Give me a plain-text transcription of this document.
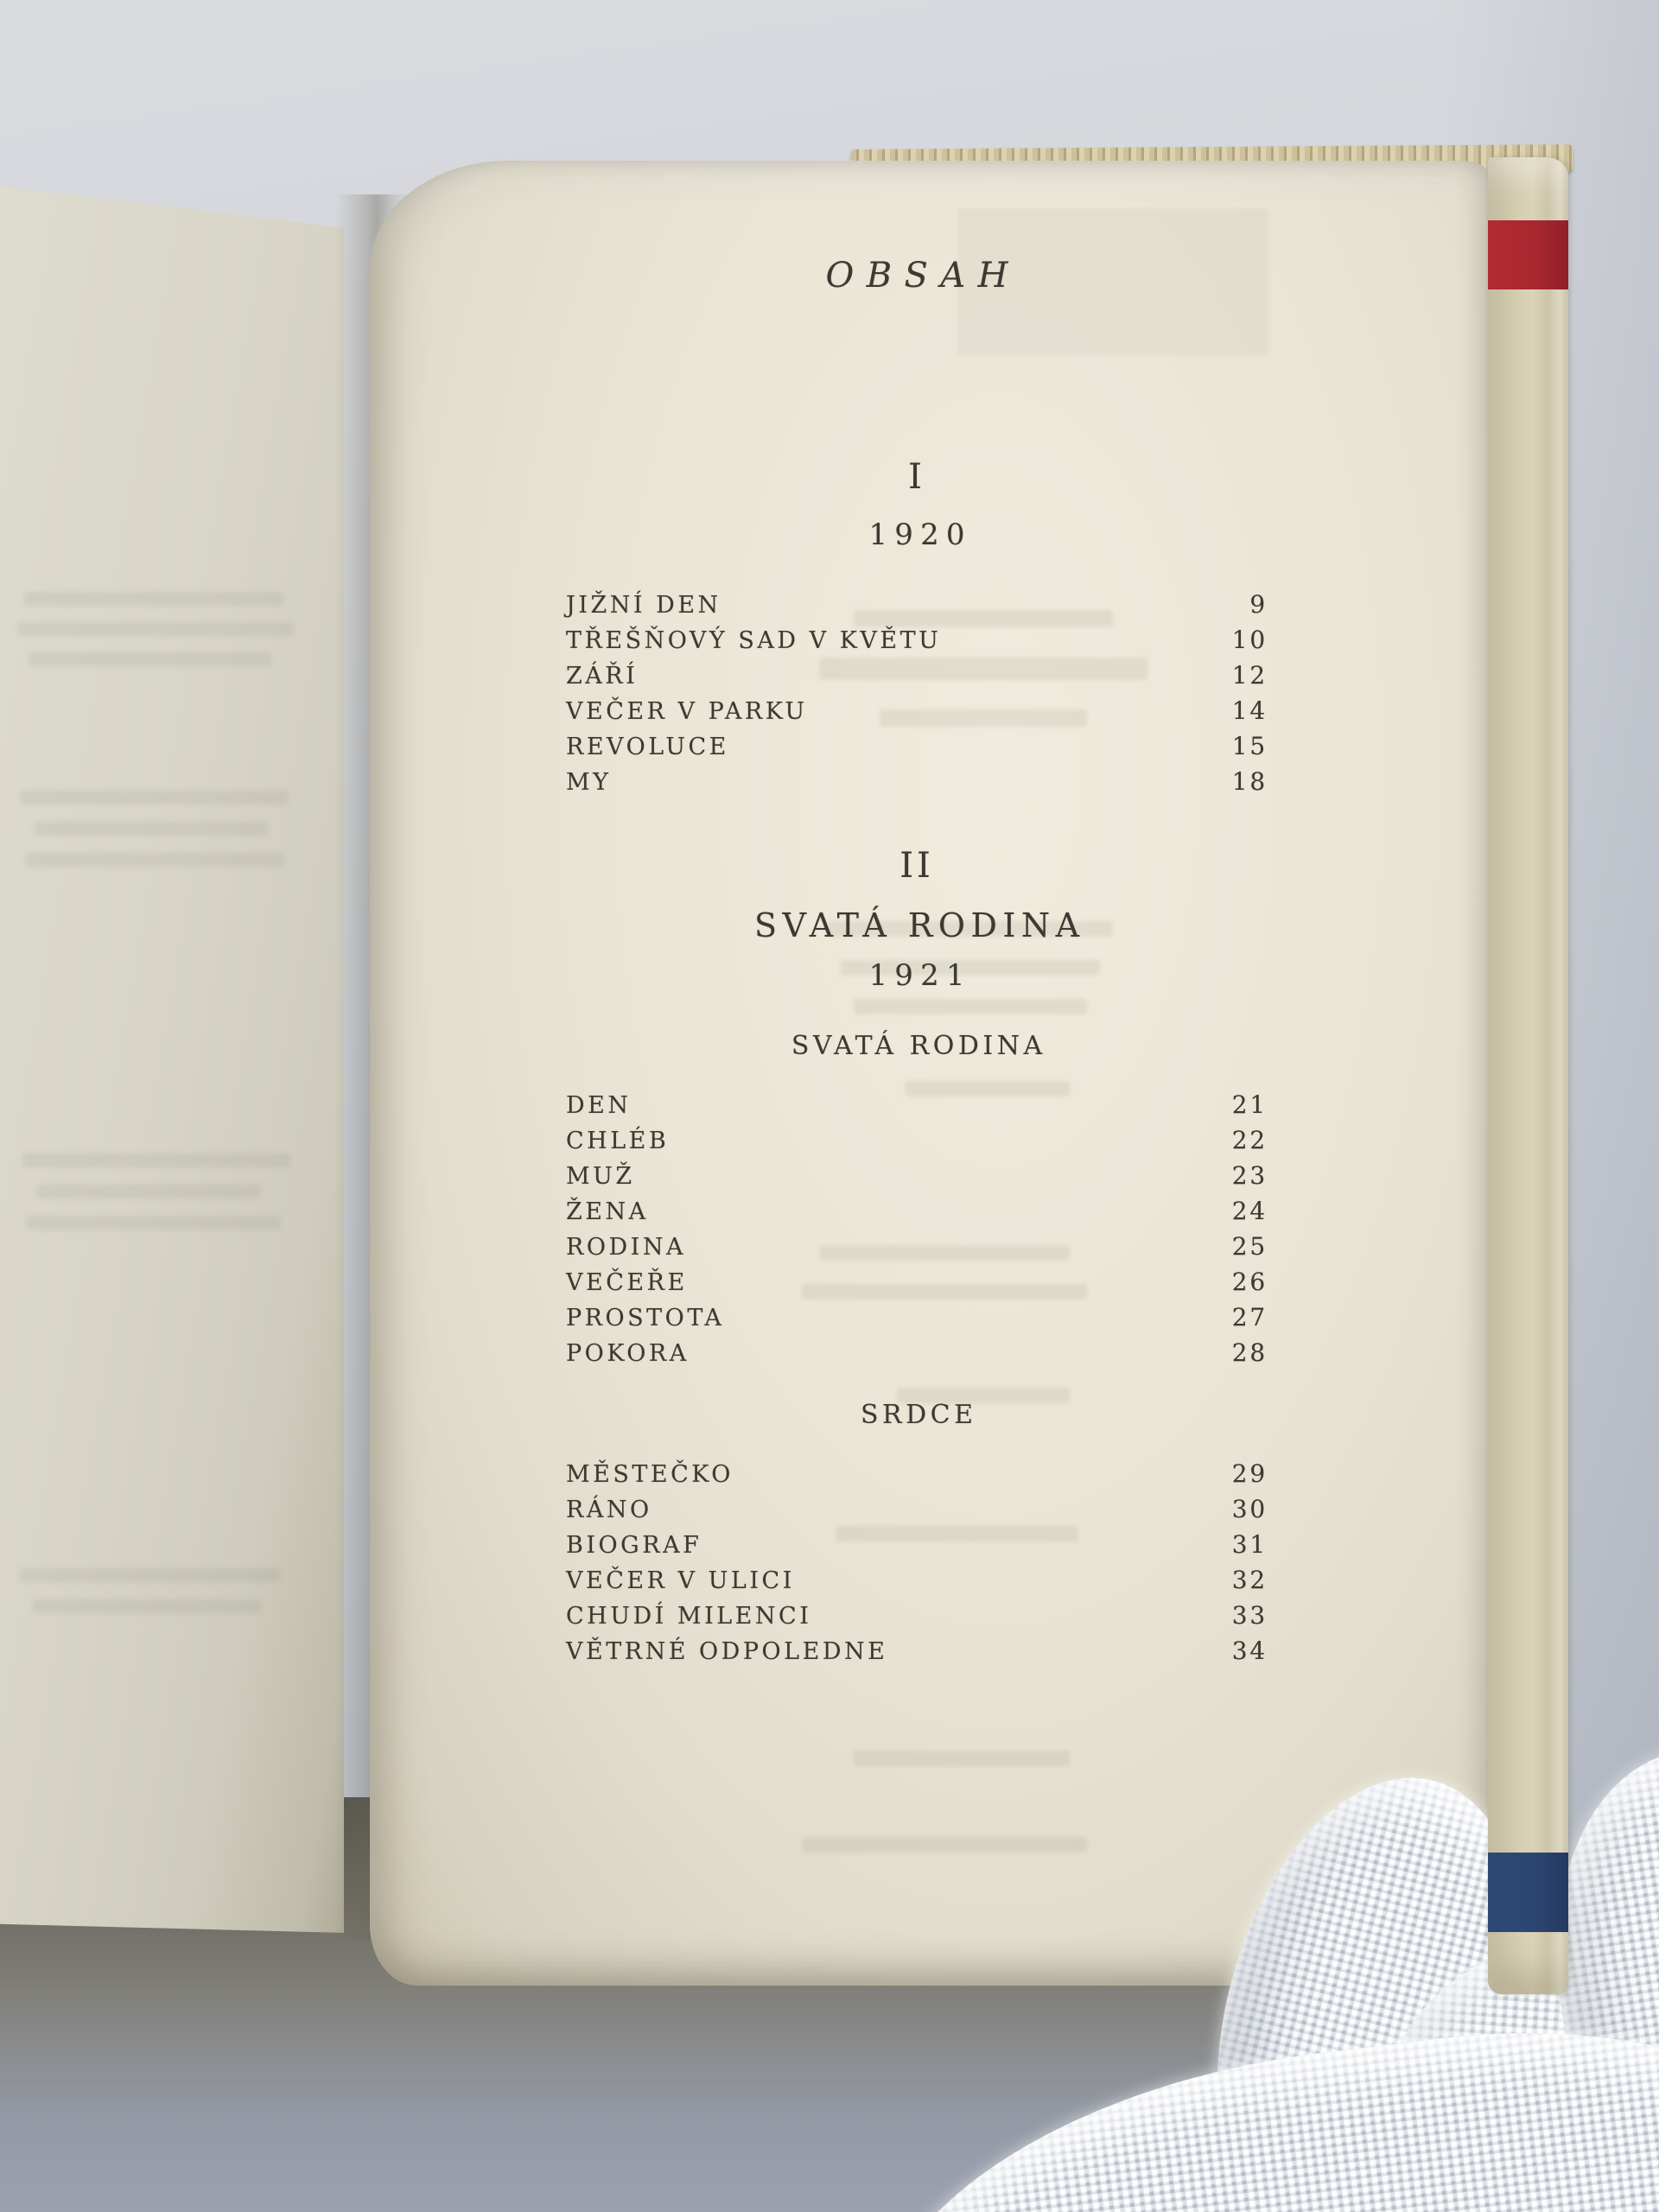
OBSAH
I
1920
JIŽNÍ DEN	9
TŘEŠŇOVÝ SAD V KVĚTU	10
ZÁŘÍ	12
VEČER V PARKU	14
REVOLUCE	15
MY	18
II
SVATÁ RODINA
1921
SVATÁ RODINA
DEN	21
CHLÉB	22
MUŽ	23
ŽENA	24
RODINA	25
VEČEŘE	26
PROSTOTA	27
POKORA	28
SRDCE
MĚSTEČKO	29
RÁNO	30
BIOGRAF	31
VEČER V ULICI	32
CHUDÍ MILENCI	33
VĚTRNÉ ODPOLEDNE	34
